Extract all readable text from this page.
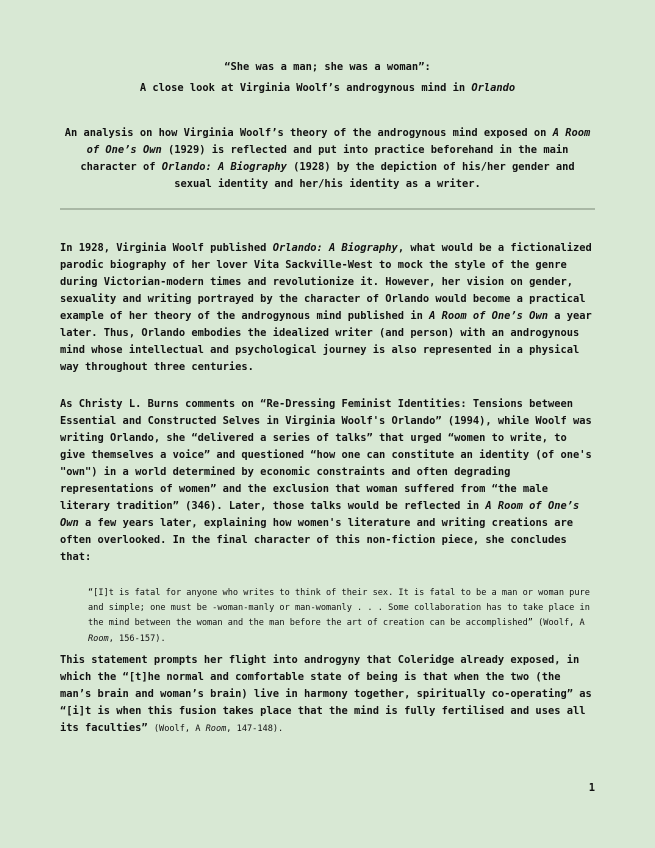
“She was a man; she was a woman”:
A close look at Virginia Woolf’s androgynous mind in Orlando
An analysis on how Virginia Woolf’s theory of the androgynous mind exposed on A Room of One’s Own (1929) is reflected and put into practice beforehand in the main character of Orlando: A Biography (1928) by the depiction of his/her gender and sexual identity and her/his identity as a writer.
In 1928, Virginia Woolf published Orlando: A Biography, what would be a fictionalized parodic biography of her lover Vita Sackville-West to mock the style of the genre during Victorian-modern times and revolutionize it. However, her vision on gender, sexuality and writing portrayed by the character of Orlando would become a practical example of her theory of the androgynous mind published in A Room of One’s Own a year later. Thus, Orlando embodies the idealized writer (and person) with an androgynous mind whose intellectual and psychological journey is also represented in a physical way throughout three centuries.
As Christy L. Burns comments on “Re-Dressing Feminist Identities: Tensions between Essential and Constructed Selves in Virginia Woolf's Orlando” (1994), while Woolf was writing Orlando, she “delivered a series of talks” that urged “women to write, to give themselves a voice” and questioned “how one can constitute an identity (of one's "own") in a world determined by economic constraints and often degrading representations of women” and the exclusion that woman suffered from “the male literary tradition” (346). Later, those talks would be reflected in A Room of One’s Own a few years later, explaining how women's literature and writing creations are often overlooked. In the final character of this non-fiction piece, she concludes that:
“[I]t is fatal for anyone who writes to think of their sex. It is fatal to be a man or woman pure and simple; one must be -woman-manly or man-womanly . . . Some collaboration has to take place in the mind between the woman and the man before the art of creation can be accomplished” (Woolf, A Room, 156-157).
This statement prompts her flight into androgyny that Coleridge already exposed, in which the “[t]he normal and comfortable state of being is that when the two (the man’s brain and woman’s brain) live in harmony together, spiritually co-operating” as “[i]t is when this fusion takes place that the mind is fully fertilised and uses all its faculties” (Woolf, A Room, 147-148).
1
